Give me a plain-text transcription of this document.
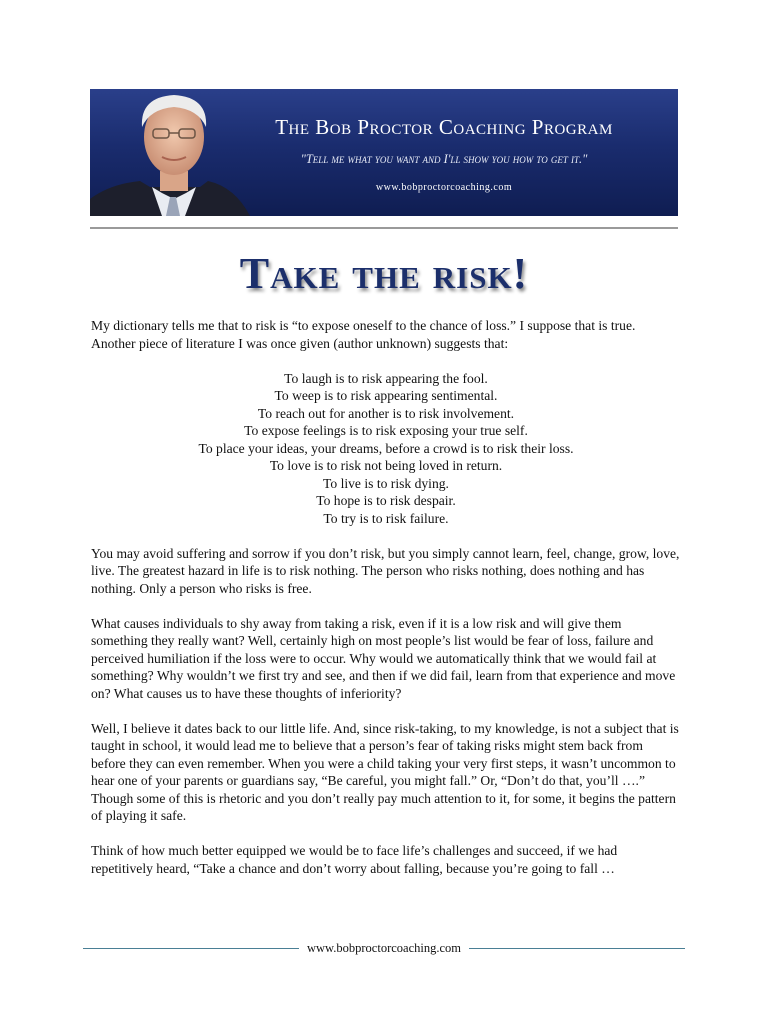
The Bob Proctor Coaching Program
"Tell me what you want and I'll show you how to get it."
www.bobproctorcoaching.com
Take the risk!

My dictionary tells me that to risk is “to expose oneself to the chance of loss.” I suppose that is true. Another piece of literature I was once given (author unknown) suggests that:

To laugh is to risk appearing the fool.
To weep is to risk appearing sentimental.
To reach out for another is to risk involvement.
To expose feelings is to risk exposing your true self.
To place your ideas, your dreams, before a crowd is to risk their loss.
To love is to risk not being loved in return.
To live is to risk dying.
To hope is to risk despair.
To try is to risk failure.

You may avoid suffering and sorrow if you don’t risk, but you simply cannot learn, feel, change, grow, love, live. The greatest hazard in life is to risk nothing. The person who risks nothing, does nothing and has nothing. Only a person who risks is free.

What causes individuals to shy away from taking a risk, even if it is a low risk and will give them something they really want? Well, certainly high on most people’s list would be fear of loss, failure and perceived humiliation if the loss were to occur. Why would we automatically think that we would fail at something? Why wouldn’t we first try and see, and then if we did fail, learn from that experience and move on? What causes us to have these thoughts of inferiority?

Well, I believe it dates back to our little life. And, since risk-taking, to my knowledge, is not a subject that is taught in school, it would lead me to believe that a person’s fear of taking risks might stem back from before they can even remember. When you were a child taking your very first steps, it wasn’t uncommon to hear one of your parents or guardians say, “Be careful, you might fall.” Or, “Don’t do that, you’ll ….” Though some of this is rhetoric and you don’t really pay much attention to it, for some, it begins the pattern of playing it safe.

Think of how much better equipped we would be to face life’s challenges and succeed, if we had repetitively heard, “Take a chance and don’t worry about falling, because you’re going to fall …

www.bobproctorcoaching.com
